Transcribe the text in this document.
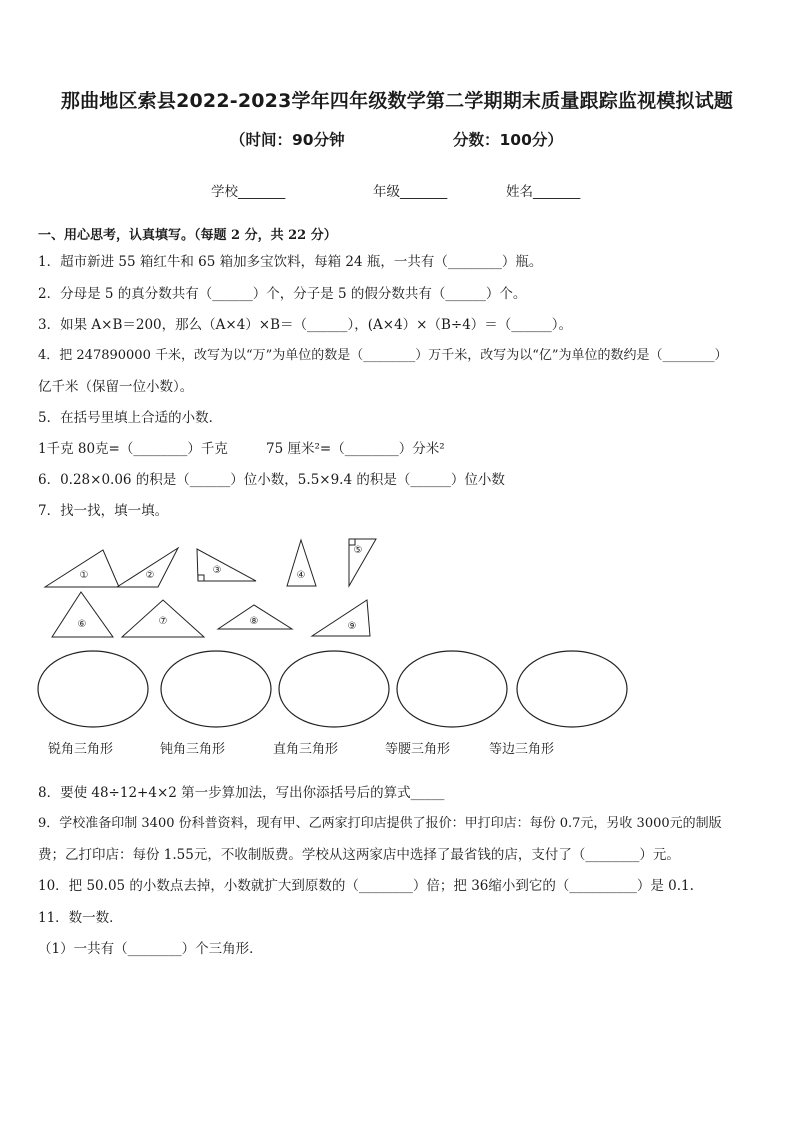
那曲地区索县2022-2023学年四年级数学第二学期期末质量跟踪监视模拟试题
（时间：90分钟	分数：100分）
学校_______	年级_______	姓名_______
一、用心思考，认真填写。（每题 2 分，共 22 分）
1．超市新进 55 箱红牛和 65 箱加多宝饮料，每箱 24 瓶，一共有（________）瓶。
2．分母是 5 的真分数共有（______）个，分子是 5 的假分数共有（______）个。
3．如果 A×B＝200，那么（A×4）×B＝（______），(A×4）×（B÷4）＝（______）。
4．把 247890000 千米，改写为以“万”为单位的数是（________）万千米，改写为以“亿”为单位的数约是（________）
亿千米（保留一位小数）。
5．在括号里填上合适的小数．
1千克 80克=（________）千克	75 厘米²=（________）分米²
6．0.28×0.06 的积是（______）位小数，5.5×9.4 的积是（______）位小数
7．找一找，填一填。
①	②	③	④
⑤
⑥	⑦	⑧	⑨
锐角三角形	钝角三角形	直角三角形	等腰三角形	等边三角形
8．要使 48÷12+4×2 第一步算加法，写出你添括号后的算式_____
9．学校准备印制 3400 份科普资料，现有甲、乙两家打印店提供了报价：甲打印店：每份 0.7元，另收 3000元的制版
费；乙打印店：每份 1.55元，不收制版费。学校从这两家店中选择了最省钱的店，支付了（________）元。
10．把 50.05 的小数点去掉，小数就扩大到原数的（________）倍；把 36缩小到它的（__________）是 0.1.
11．数一数．
（1）一共有（________）个三角形．
